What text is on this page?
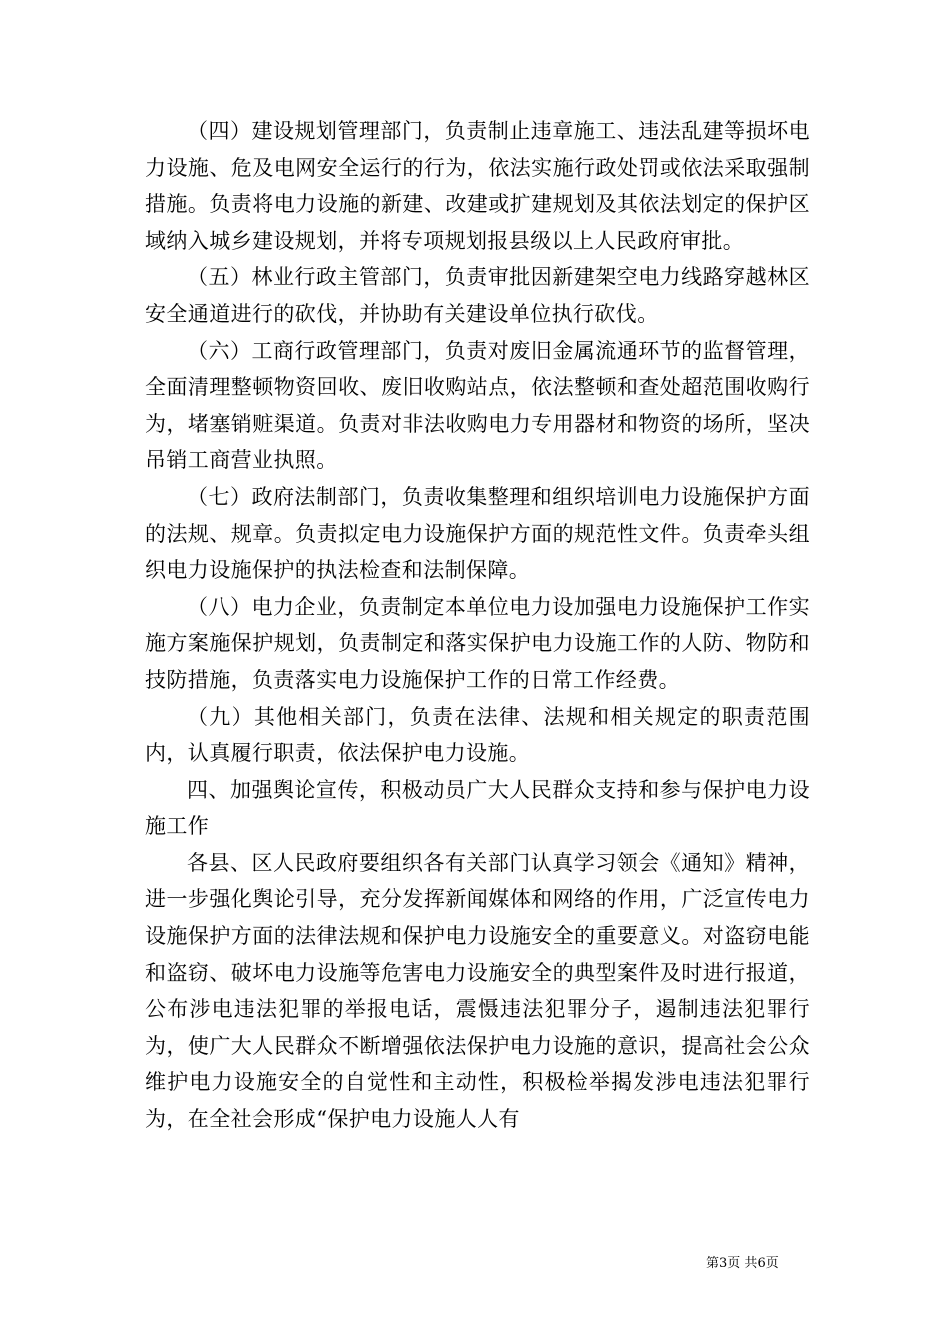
（四）建设规划管理部门，负责制止违章施工、违法乱建等损坏电力设施、危及电网安全运行的行为，依法实施行政处罚或依法采取强制措施。负责将电力设施的新建、改建或扩建规划及其依法划定的保护区域纳入城乡建设规划，并将专项规划报县级以上人民政府审批。

（五）林业行政主管部门，负责审批因新建架空电力线路穿越林区安全通道进行的砍伐，并协助有关建设单位执行砍伐。

（六）工商行政管理部门，负责对废旧金属流通环节的监督管理，全面清理整顿物资回收、废旧收购站点，依法整顿和查处超范围收购行为，堵塞销赃渠道。负责对非法收购电力专用器材和物资的场所，坚决吊销工商营业执照。

（七）政府法制部门，负责收集整理和组织培训电力设施保护方面的法规、规章。负责拟定电力设施保护方面的规范性文件。负责牵头组织电力设施保护的执法检查和法制保障。

（八）电力企业，负责制定本单位电力设加强电力设施保护工作实施方案施保护规划，负责制定和落实保护电力设施工作的人防、物防和技防措施，负责落实电力设施保护工作的日常工作经费。

（九）其他相关部门，负责在法律、法规和相关规定的职责范围内，认真履行职责，依法保护电力设施。

四、加强舆论宣传，积极动员广大人民群众支持和参与保护电力设施工作

各县、区人民政府要组织各有关部门认真学习领会《通知》精神，进一步强化舆论引导，充分发挥新闻媒体和网络的作用，广泛宣传电力设施保护方面的法律法规和保护电力设施安全的重要意义。对盗窃电能和盗窃、破坏电力设施等危害电力设施安全的典型案件及时进行报道，公布涉电违法犯罪的举报电话，震慑违法犯罪分子，遏制违法犯罪行为，使广大人民群众不断增强依法保护电力设施的意识，提高社会公众维护电力设施安全的自觉性和主动性，积极检举揭发涉电违法犯罪行为，在全社会形成“保护电力设施人人有

第3页 共6页
